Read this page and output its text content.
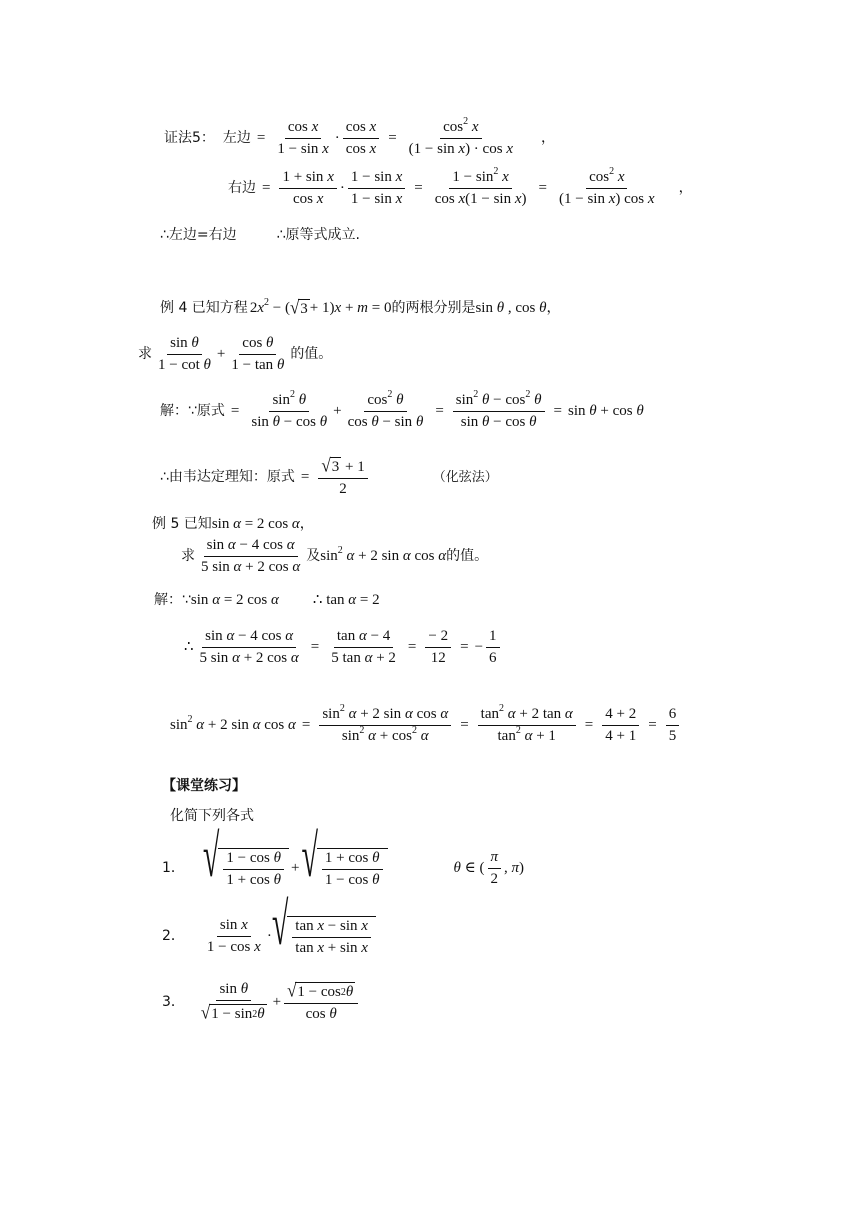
证法5： 左边 = $\frac{\text{cos x}}{\text{1 − sin x}} \cdot \frac{\text{cos x}}{\text{cos x}} = \frac{\cos^2 x}{\text{(1 − sin x) · cos x}}$ ，
右边 = $\frac{\text{1 + sin x}}{\text{cos x}} \cdot \frac{\text{1 − sin x}}{\text{1 − sin x}} = \frac{1 - \sin^2 x}{\text{cos x(1 − sin x)}} = \frac{\cos^2 x}{\text{(1 − sin x) cos x}}$ ，
∴左边=右边	∴原等式成立.
例 4 已知方程 $2x^2$ − ( √ 3 + 1)x + m = 0 的两根分别是 sin θ , cos θ ，
求 $\frac{\text{sin θ}}{\text{1 − cot θ}} + \frac{\text{cos θ}}{\text{1 − tan θ}}$ 的值。
解：∵ 原式 = $\frac{\sin^2 \theta}{\text{sin θ − cos θ}} + \frac{\cos^2 \theta}{\text{cos θ − sin θ}} = \frac{\sin^2 \theta - \cos^2 \theta}{\text{sin θ − cos θ}} = \sin \theta + \cos \theta$
∴由韦达定理知：原式 = $\frac{√ 3 + 1}{2}$	（化弦法）
例 5 已知 sin α = 2 cos α ，
求 $\frac{\text{sin α − 4 cos α}}{\text{5 sin α + 2 cos α}}$ 及 $\sin^2 \alpha + 2$ sin α cos α 的值。
解：∵ sin α = 2 cos α ∴ tan α = 2
∴ $\frac{\text{sin α − 4 cos α}}{\text{5 sin α + 2 cos α}} = \frac{\text{tan α − 4}}{\text{5 tan α + 2}} = \frac{- 2}{12}$ = − $\frac{1}{6}$
$\sin^2 \alpha + 2$ sin α $\cos \alpha = \frac{\sin^2 \alpha + 2 \sin \alpha \cos \alpha}{\sin^2 \alpha + \cos^2 \alpha} = \frac{\tan^2 \alpha + 2 \tan \alpha}{\tan^2 \alpha + 1} = \frac{4 + 2}{4 + 1} = \frac{6}{5}$
【课堂练习】
化简下列各式
1． √ $\frac{\text{1 − cos θ}}{\text{1 + cos θ}}$ + √ $\frac{\text{1 + cos θ}}{\text{1 − cos θ}}$	θ ∈ ( $\frac{\pi}{2}$ , π)
2． $\frac{\text{sin x}}{\text{1 − cos x}}$ · √ $\frac{\text{tan x − sin x}}{\text{tan x + sin x}}$
3． $\frac{\text{sin θ}}{√ 1 - \sin 2 \theta} + \frac{√ 1 - \cos 2 \theta}{\text{cos θ}}$
